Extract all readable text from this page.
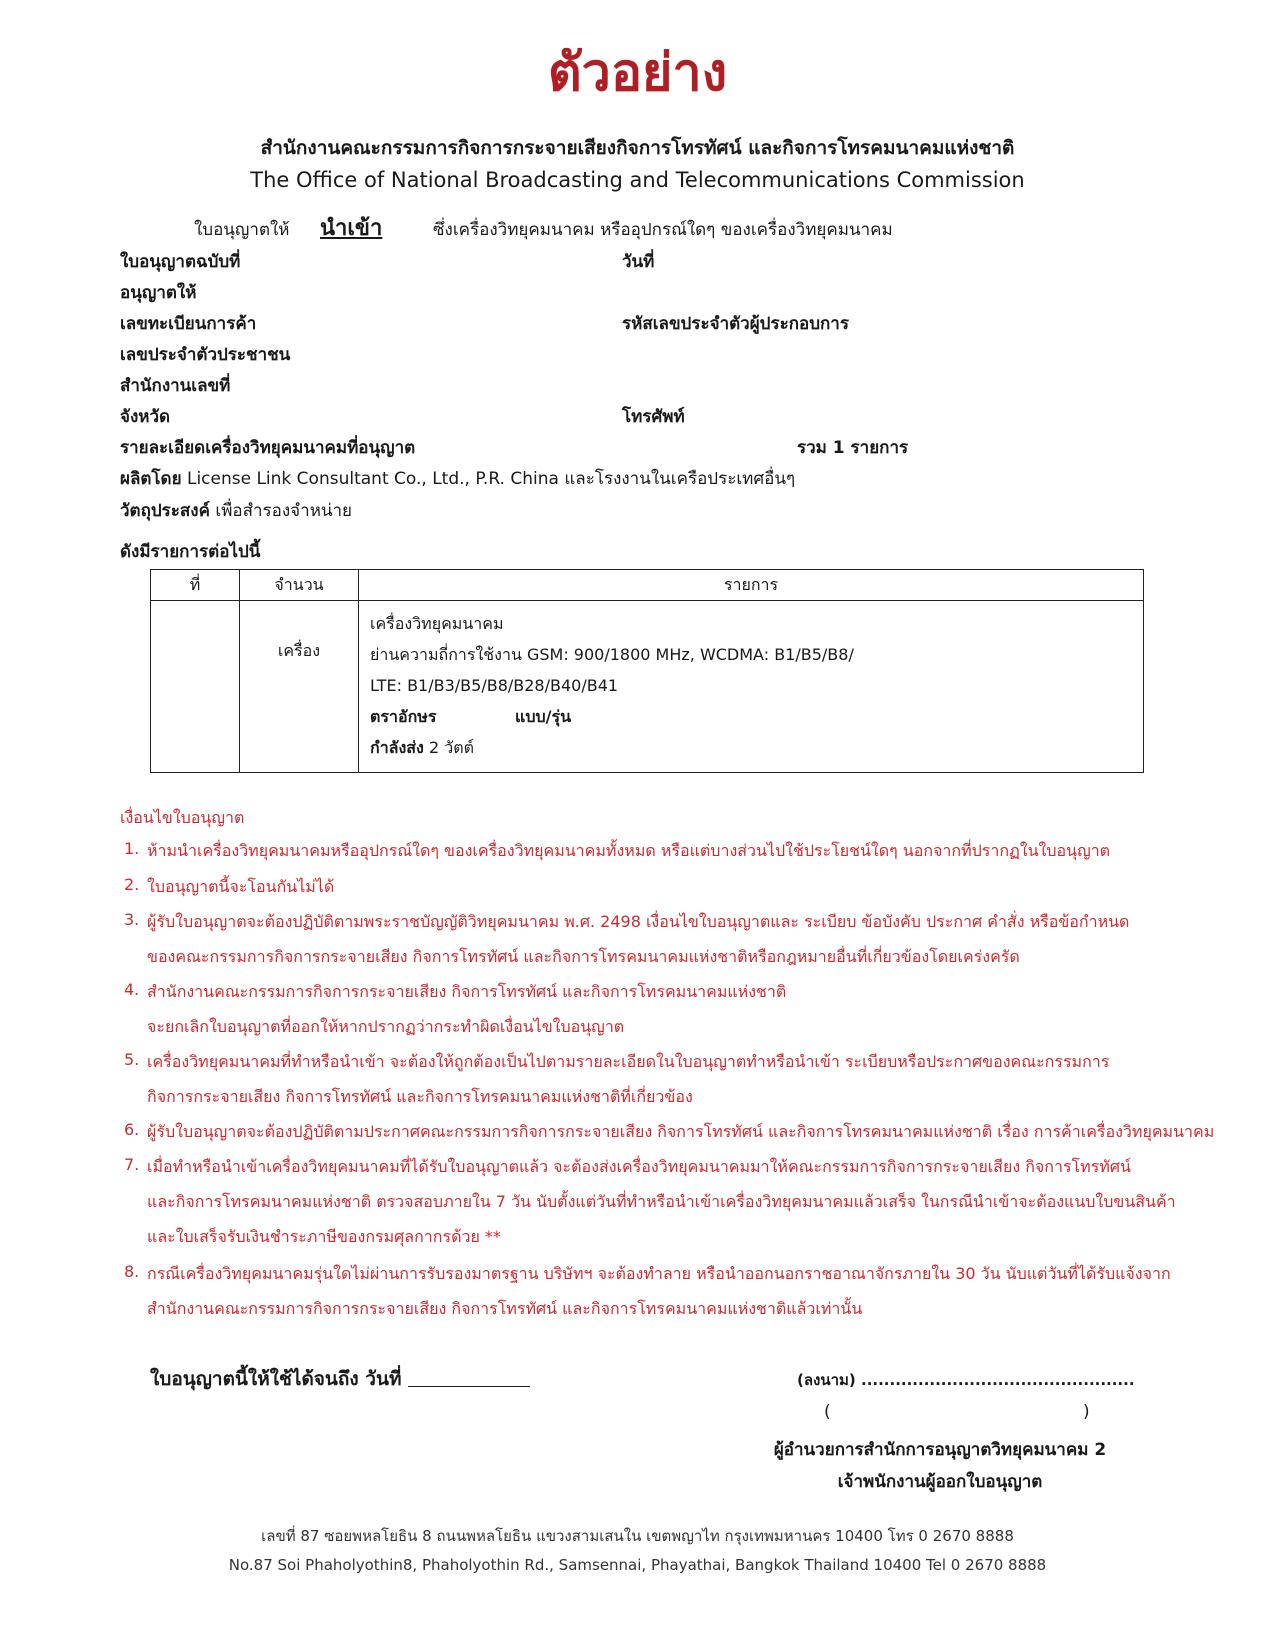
ตัวอย่าง
สำนักงานคณะกรรมการกิจการกระจายเสียงกิจการโทรทัศน์ และกิจการโทรคมนาคมแห่งชาติ
The Office of National Broadcasting and Telecommunications Commission
ใบอนุญาตให้ นำเข้า	ซึ่งเครื่องวิทยุคมนาคม หรืออุปกรณ์ใดๆ ของเครื่องวิทยุคมนาคม
ใบอนุญาตฉบับที่	วันที่
อนุญาตให้
เลขทะเบียนการค้า	รหัสเลขประจำตัวผู้ประกอบการ
เลขประจำตัวประชาชน
สำนักงานเลขที่
จังหวัด	โทรศัพท์
รายละเอียดเครื่องวิทยุคมนาคมที่อนุญาต	รวม 1 รายการ
ผลิตโดย License Link Consultant Co., Ltd., P.R. China และโรงงานในเครือประเทศอื่นๆ
วัตถุประสงค์ เพื่อสำรองจำหน่าย
ดังมีรายการต่อไปนี้
ที่	จำนวน	รายการ
	เครื่อง	เครื่องวิทยุคมนาคม
ย่านความถี่การใช้งาน GSM: 900/1800 MHz, WCDMA: B1/B5/B8/
LTE: B1/B3/B5/B8/B28/B40/B41
ตราอักษร แบบ/รุ่น
กำลังส่ง 2 วัตต์
เงื่อนไขใบอนุญาต
1. ห้ามนำเครื่องวิทยุคมนาคมหรืออุปกรณ์ใดๆ ของเครื่องวิทยุคมนาคมทั้งหมด หรือแต่บางส่วนไปใช้ประโยชน์ใดๆ นอกจากที่ปรากฏในใบอนุญาต
2. ใบอนุญาตนี้จะโอนกันไม่ได้
3. ผู้รับใบอนุญาตจะต้องปฏิบัติตามพระราชบัญญัติวิทยุคมนาคม พ.ศ. 2498 เงื่อนไขใบอนุญาตและ ระเบียบ ข้อบังคับ ประกาศ คำสั่ง หรือข้อกำหนด
ของคณะกรรมการกิจการกระจายเสียง กิจการโทรทัศน์ และกิจการโทรคมนาคมแห่งชาติหรือกฎหมายอื่นที่เกี่ยวข้องโดยเคร่งครัด
4. สำนักงานคณะกรรมการกิจการกระจายเสียง กิจการโทรทัศน์ และกิจการโทรคมนาคมแห่งชาติ
จะยกเลิกใบอนุญาตที่ออกให้หากปรากฏว่ากระทำผิดเงื่อนไขใบอนุญาต
5. เครื่องวิทยุคมนาคมที่ทำหรือนำเข้า จะต้องให้ถูกต้องเป็นไปตามรายละเอียดในใบอนุญาตทำหรือนำเข้า ระเบียบหรือประกาศของคณะกรรมการ
กิจการกระจายเสียง กิจการโทรทัศน์ และกิจการโทรคมนาคมแห่งชาติที่เกี่ยวข้อง
6. ผู้รับใบอนุญาตจะต้องปฏิบัติตามประกาศคณะกรรมการกิจการกระจายเสียง กิจการโทรทัศน์ และกิจการโทรคมนาคมแห่งชาติ เรื่อง การค้าเครื่องวิทยุคมนาคม
7. เมื่อทำหรือนำเข้าเครื่องวิทยุคมนาคมที่ได้รับใบอนุญาตแล้ว จะต้องส่งเครื่องวิทยุคมนาคมมาให้คณะกรรมการกิจการกระจายเสียง กิจการโทรทัศน์
และกิจการโทรคมนาคมแห่งชาติ ตรวจสอบภายใน 7 วัน นับตั้งแต่วันที่ทำหรือนำเข้าเครื่องวิทยุคมนาคมแล้วเสร็จ ในกรณีนำเข้าจะต้องแนบใบขนสินค้า
และใบเสร็จรับเงินชำระภาษีของกรมศุลกากรด้วย **
8. กรณีเครื่องวิทยุคมนาคมรุ่นใดไม่ผ่านการรับรองมาตรฐาน บริษัทฯ จะต้องทำลาย หรือนำออกนอกราชอาณาจักรภายใน 30 วัน นับแต่วันที่ได้รับแจ้งจาก
สำนักงานคณะกรรมการกิจการกระจายเสียง กิจการโทรทัศน์ และกิจการโทรคมนาคมแห่งชาติแล้วเท่านั้น
ใบอนุญาตนี้ให้ใช้ได้จนถึง วันที่	(ลงนาม) ................................................
(	)
ผู้อำนวยการสำนักการอนุญาตวิทยุคมนาคม 2
เจ้าพนักงานผู้ออกใบอนุญาต
เลขที่ 87 ซอยพหลโยธิน 8 ถนนพหลโยธิน แขวงสามเสนใน เขตพญาไท กรุงเทพมหานคร 10400 โทร 0 2670 8888
No.87 Soi Phaholyothin8, Phaholyothin Rd., Samsennai, Phayathai, Bangkok Thailand 10400 Tel 0 2670 8888
